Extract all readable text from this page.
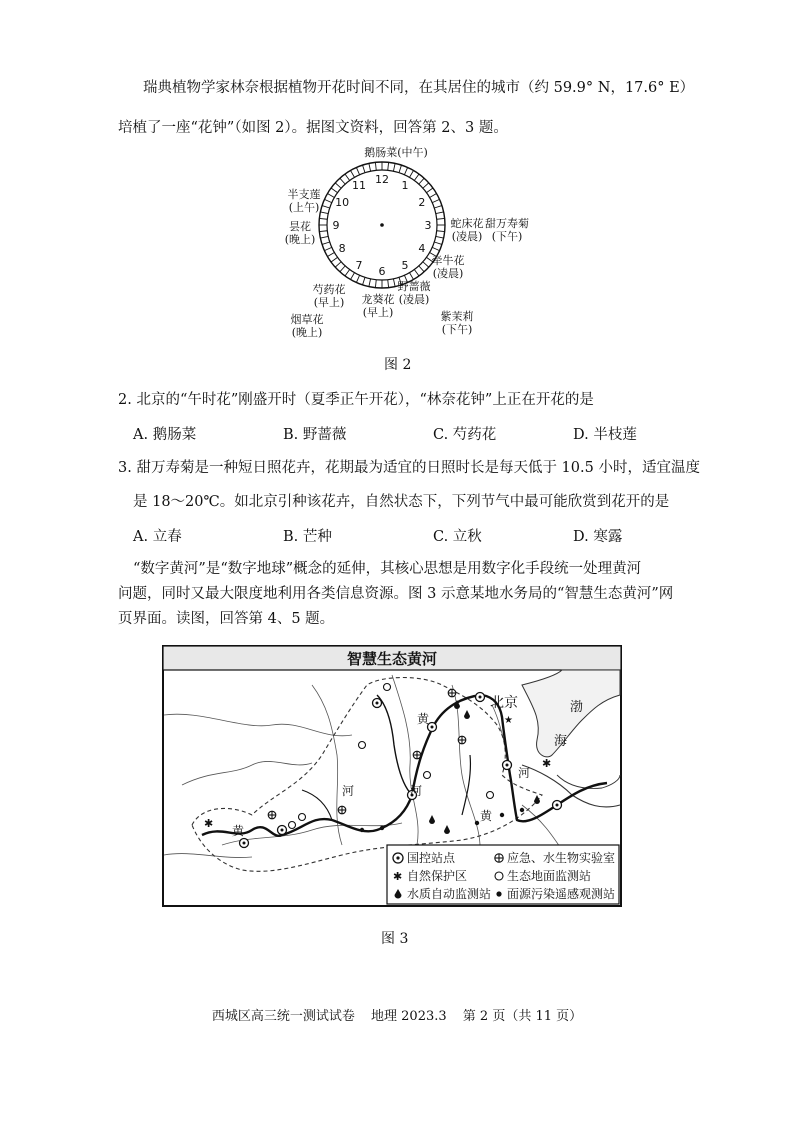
瑞典植物学家林奈根据植物开花时间不同，在其居住的城市（约 59.9° N，17.6° E）
培植了一座“花钟”（如图 2）。据图文资料，回答第 2、3 题。
12 1
2
3
4
5
6
7
8
9
10
11
鹅肠菜(中午)
蛇床花
(凌晨)
甜万寿菊
(下午)
牵牛花
(凌晨)
野蔷薇
(凌晨)
紫茉莉
(下午)
龙葵花
(早上)
芍药花
(早上)
烟草花
(晚上)
半支莲
(上午)
昙花
(晚上)
图 2
2. 北京的“午时花”刚盛开时（夏季正午开花），“林奈花钟”上正在开花的是
A. 鹅肠菜	B. 野蔷薇	C. 芍药花	D. 半枝莲
3. 甜万寿菊是一种短日照花卉，花期最为适宜的日照时长是每天低于 10.5 小时，适宜温度
是 18～20℃。如北京引种该花卉，自然状态下，下列节气中最可能欣赏到花开的是
A. 立春	B. 芒种	C. 立秋	D. 寒露
“数字黄河”是“数字地球”概念的延伸，其核心思想是用数字化手段统一处理黄河
问题，同时又最大限度地利用各类信息资源。图 3 示意某地水务局的“智慧生态黄河”网
页界面。读图，回答第 4、5 题。
智慧生态黄河
✱
✱
北京
★
渤
海
黄
河
河
黄
河
黄
国控站点	应急、水生物实验室
✱ 自然保护区	生态地面监测站
水质自动监测站 面源污染遥感观测站
图 3
西城区高三统一测试试卷 地理 2023.3 第 2 页（共 11 页）
